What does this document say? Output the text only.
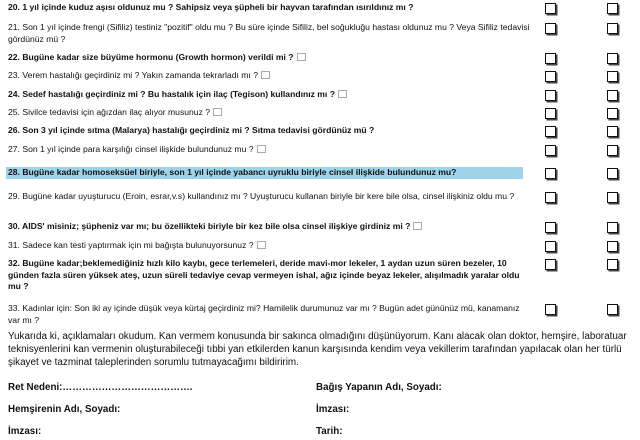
20. 1 yıl içinde kuduz aşısı oldunuz mu ? Sahipsiz veya şüpheli bir hayvan tarafından ısırıldınız mı ?
21. Son 1 yıl içinde frengi (Sifiliz) testiniz "pozitif" oldu mu ? Bu süre içinde Sifiliz, bel soğukluğu hastası oldunuz mu ? Veya Sifiliz tedavisi gördünüz mü ?
22. Bugüne kadar size büyüme hormonu (Growth hormon) verildi mi ?
23. Verem hastalığı geçirdiniz mi ? Yakın zamanda tekrarladı mı ?
24. Sedef hastalığı geçirdiniz mi ? Bu hastalık için ilaç (Tegison) kullandınız mı ?
25. Sivilce tedavisi için ağızdan ilaç alıyor musunuz ?
26. Son 3 yıl içinde sıtma (Malarya) hastalığı geçirdiniz mi ? Sıtma tedavisi gördünüz mü ?
27. Son 1 yıl içinde para karşılığı cinsel ilişkide bulundunuz mu ?
28. Bugüne kadar homoseksüel biriyle, son 1 yıl içinde yabancı uyruklu biriyle cinsel ilişkide bulundunuz mu?
29. Bugüne kadar uyuşturucu (Eroin, esrar,v.s) kullandınız mı ? Uyuşturucu kullanan biriyle bir kere bile olsa, cinsel ilişkiniz oldu mu ?
30. AIDS' misiniz; şüpheniz var mı; bu özellikteki biriyle bir kez bile olsa cinsel ilişkiye girdiniz mi ?
31. Sadece kan testi yaptırmak için mi bağışta bulunuyorsunuz ?
32. Bugüne kadar;beklemediğiniz hızlı kilo kaybı, gece terlemeleri, deride mavi-mor lekeler, 1 aydan uzun süren bezeler, 10 günden fazla süren yüksek ateş, uzun süreli tedaviye cevap vermeyen ishal, ağız içinde beyaz lekeler, alışılmadık yaralar oldu mu ?
33. Kadınlar için: Son iki ay içinde düşük veya kürtaj geçirdiniz mi? Hamilelik durumunuz var mı ? Bugün adet gününüz mü, kanamanız var mı ?
Yukarıda ki, açıklamaları okudum. Kan vermem konusunda bir sakınca olmadığını düşünüyorum. Kanı alacak olan doktor, hemşire, laboratuar teknisyenlerini kan vermenin oluşturabileceği tıbbi yan etkilerden kanun karşısında kendim veya vekillerim tarafından yapılacak olan her türlü şikayet ve tazminat taleplerinden sorumlu tutmayacağımı bildiririm.
Ret Nedeni:………………………………….	Bağış Yapanın Adı, Soyadı:
Hemşirenin Adı, Soyadı:	İmzası:
İmzası:	Tarih:
